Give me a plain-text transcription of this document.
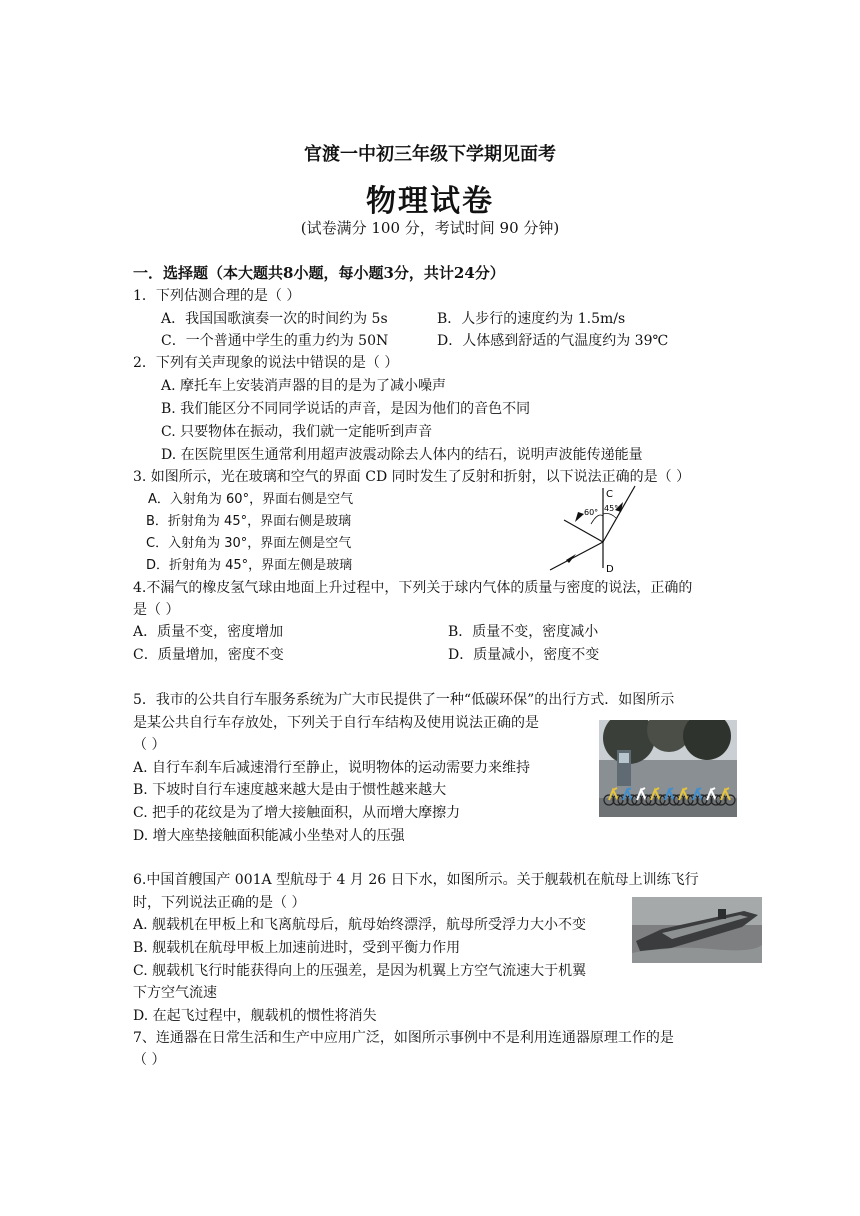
官渡一中初三年级下学期见面考
物理试卷
(试卷满分 100 分，考试时间 90 分钟)
一．选择题（本大题共8小题，每小题3分，共计24分）
1．下列估测合理的是（ ）
A．我国国歌演奏一次的时间约为 5s	B．人步行的速度约为 1.5m/s
C．一个普通中学生的重力约为 50N	D．人体感到舒适的气温度约为 39℃
2．下列有关声现象的说法中错误的是（ ）
A. 摩托车上安装消声器的目的是为了减小噪声
B. 我们能区分不同同学说话的声音，是因为他们的音色不同
C. 只要物体在振动，我们就一定能听到声音
D. 在医院里医生通常利用超声波震动除去人体内的结石，说明声波能传递能量
3. 如图所示，光在玻璃和空气的界面 CD 同时发生了反射和折射，以下说法正确的是（ ）
A．入射角为 60°，界面右侧是空气
B．折射角为 45°，界面右侧是玻璃
C．入射角为 30°，界面左侧是空气
D．折射角为 45°，界面左侧是玻璃
C
D
60° 45°
4.不漏气的橡皮氢气球由地面上升过程中，下列关于球内气体的质量与密度的说法，正确的
是（ ）
A．质量不变，密度增加	B．质量不变，密度减小
C．质量增加，密度不变	D．质量减小，密度不变
5．我市的公共自行车服务系统为广大市民提供了一种“低碳环保”的出行方式．如图所示
是某公共自行车存放处，下列关于自行车结构及使用说法正确的是
（ ）
A. 自行车刹车后减速滑行至静止，说明物体的运动需要力来维持
B. 下坡时自行车速度越来越大是由于惯性越来越大
C. 把手的花纹是为了增大接触面积，从而增大摩擦力
D. 增大座垫接触面积能减小坐垫对人的压强
6.中国首艘国产 001A 型航母于 4 月 26 日下水，如图所示。关于舰载机在航母上训练飞行
时，下列说法正确的是（ ）
A. 舰载机在甲板上和飞离航母后，航母始终漂浮，航母所受浮力大小不变
B. 舰载机在航母甲板上加速前进时，受到平衡力作用
C. 舰载机飞行时能获得向上的压强差，是因为机翼上方空气流速大于机翼
下方空气流速
D. 在起飞过程中，舰载机的惯性将消失
7、连通器在日常生活和生产中应用广泛，如图所示事例中不是利用连通器原理工作的是
（ ）
